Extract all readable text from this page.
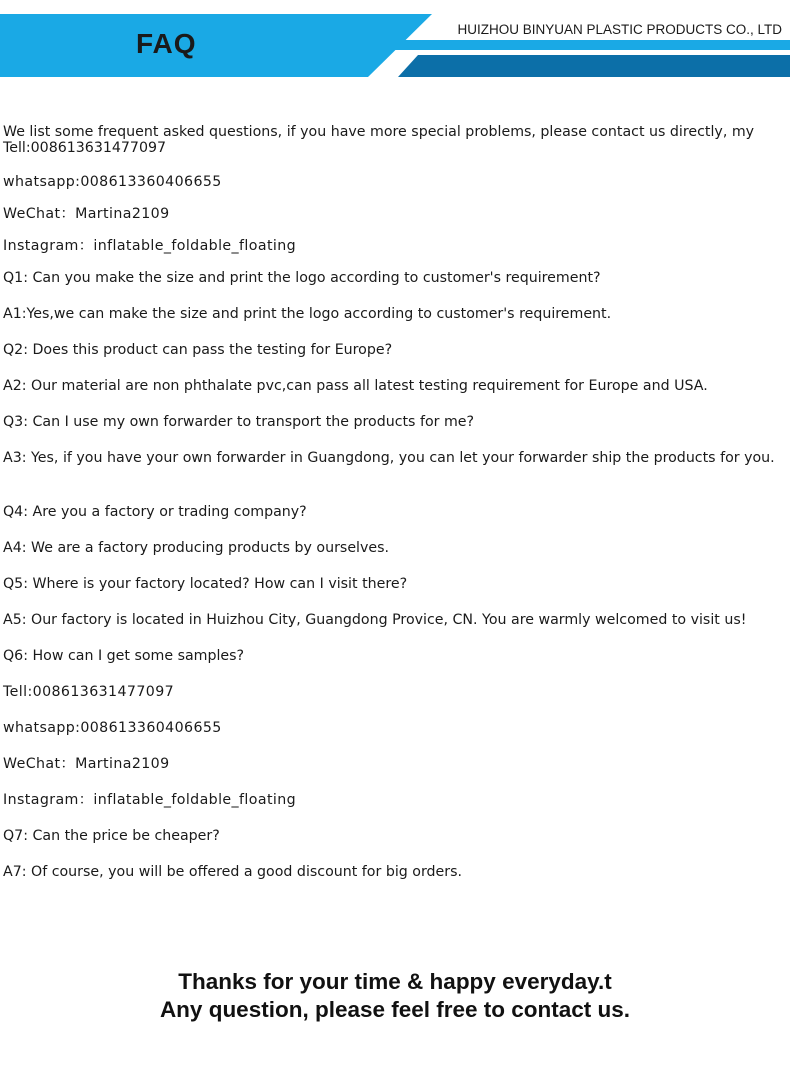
FAQ	HUIZHOU BINYUAN PLASTIC PRODUCTS CO., LTD

We list some frequent asked questions, if you have more special problems, please contact us directly, my Tell:008613631477097

whatsapp:008613360406655

WeChat：Martina2109

Instagram：inflatable_foldable_floating

Q1: Can you make the size and print the logo according to customer's requirement?

A1:Yes,we can make the size and print the logo according to customer's requirement.

Q2: Does this product can pass the testing for Europe?

A2: Our material are non phthalate pvc,can pass all latest testing requirement for Europe and USA.

Q3: Can I use my own forwarder to transport the products for me?

A3: Yes, if you have your own forwarder in Guangdong, you can let your forwarder ship the products for you.

Q4: Are you a factory or trading company?

A4: We are a factory producing products by ourselves.

Q5: Where is your factory located? How can I visit there?

A5: Our factory is located in Huizhou City, Guangdong Provice, CN. You are warmly welcomed to visit us!

Q6: How can I get some samples?

Tell:008613631477097

whatsapp:008613360406655

WeChat：Martina2109

Instagram：inflatable_foldable_floating

Q7: Can the price be cheaper?

A7: Of course, you will be offered a good discount for big orders.

Thanks for your time & happy everyday.t

Any question, please feel free to contact us.
